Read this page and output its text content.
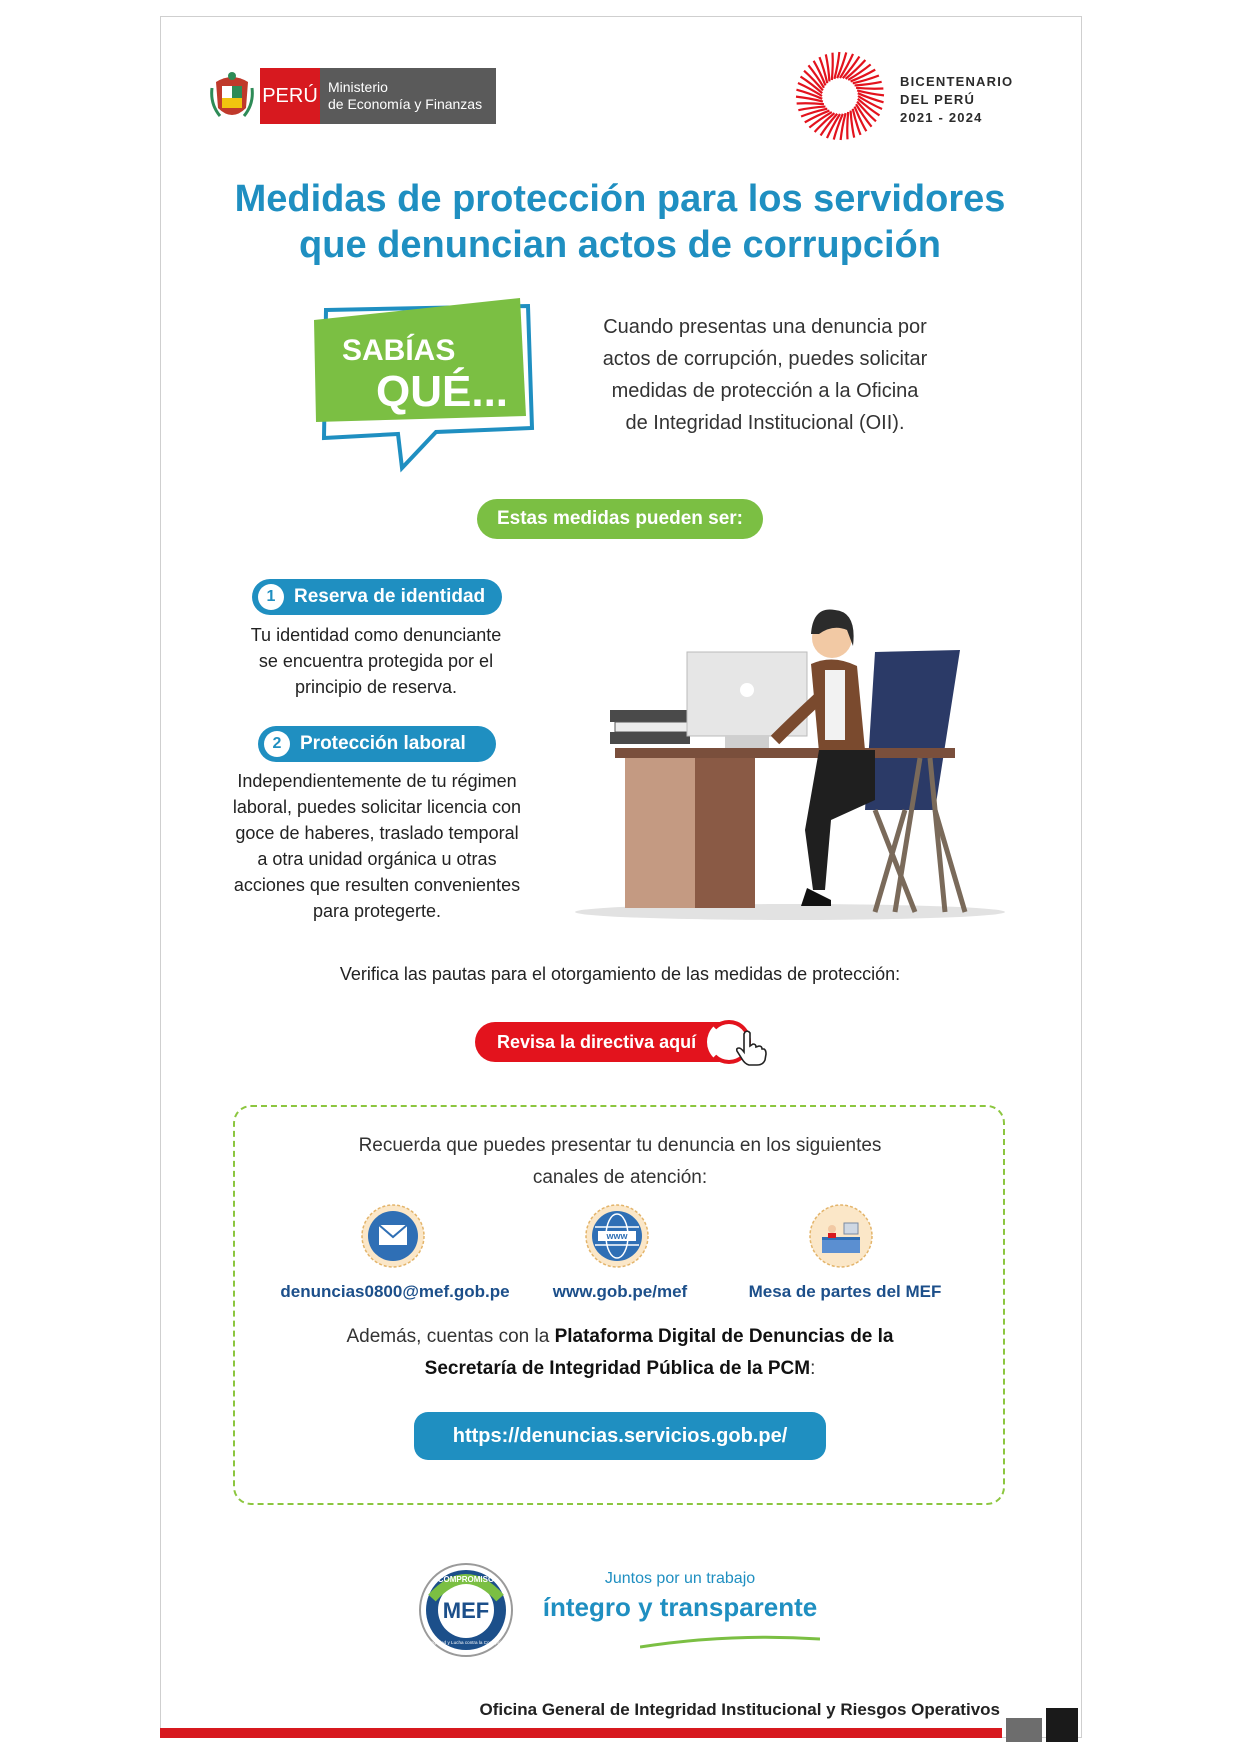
PERÚ Ministerio
de Economía y Finanzas
BICENTENARIO
DEL PERÚ
2021 - 2024
Medidas de protección para los servidores
que denuncian actos de corrupción
SABÍAS
QUÉ...
Cuando presentas una denuncia por
actos de corrupción, puedes solicitar
medidas de protección a la Oficina
de Integridad Institucional (OII).
Estas medidas pueden ser:
1 Reserva de identidad
Tu identidad como denunciante
se encuentra protegida por el
principio de reserva.
2 Protección laboral
Independientemente de tu régimen
laboral, puedes solicitar licencia con
goce de haberes, traslado temporal
a otra unidad orgánica u otras
acciones que resulten convenientes
para protegerte.
Verifica las pautas para el otorgamiento de las medidas de protección:
Revisa la directiva aquí
Recuerda que puedes presentar tu denuncia en los siguientes
canales de atención:
www
denuncias0800@mef.gob.pe	www.gob.pe/mef	Mesa de partes del MEF
Además, cuentas con la Plataforma Digital de Denuncias de la
Secretaría de Integridad Pública de la PCM:
https://denuncias.servicios.gob.pe/
COMPROMISO
MEF
Integridad y Lucha contra la Corrupción
Juntos por un trabajo
íntegro y transparente
Oficina General de Integridad Institucional y Riesgos Operativos
